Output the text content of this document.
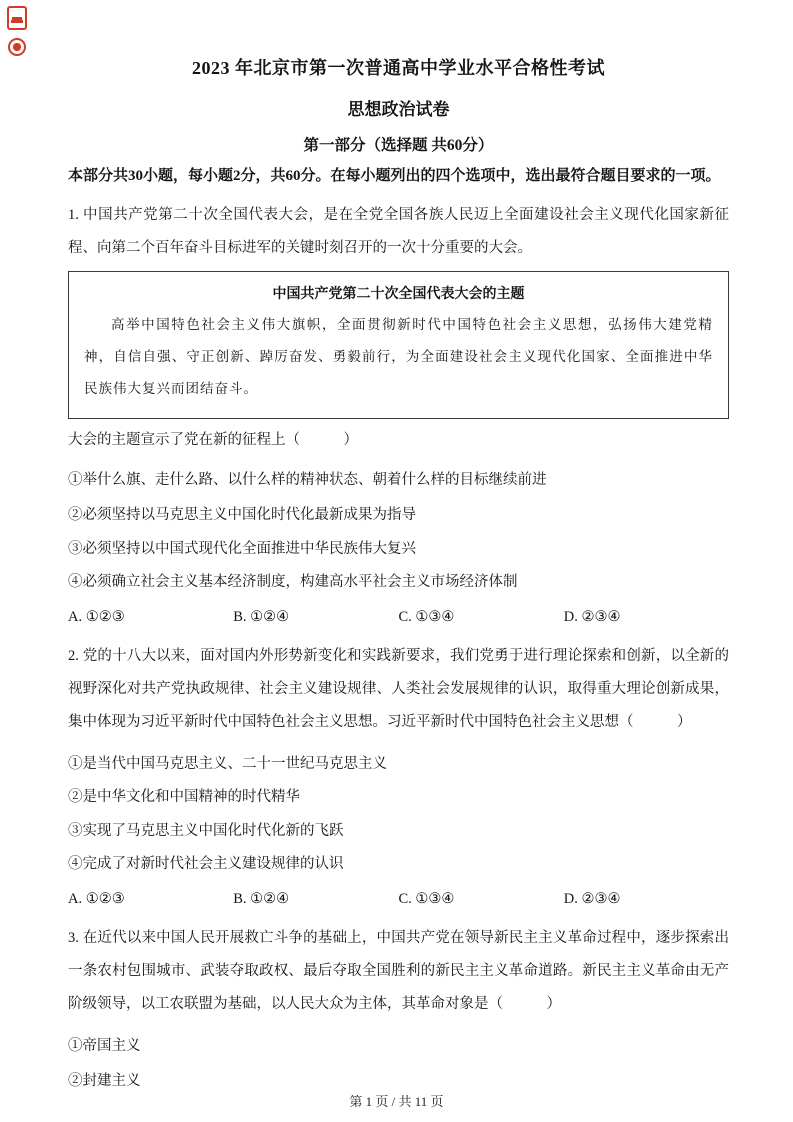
2023 年北京市第一次普通高中学业水平合格性考试
思想政治试卷
第一部分（选择题 共60分）

本部分共30小题，每小题2分，共60分。在每小题列出的四个选项中，选出最符合题目要求的一项。

1. 中国共产党第二十次全国代表大会，是在全党全国各族人民迈上全面建设社会主义现代化国家新征程、向第二个百年奋斗目标进军的关键时刻召开的一次十分重要的大会。

中国共产党第二十次全国代表大会的主题

高举中国特色社会主义伟大旗帜，全面贯彻新时代中国特色社会主义思想，弘扬伟大建党精神，自信自强、守正创新、踔厉奋发、勇毅前行，为全面建设社会主义现代化国家、全面推进中华民族伟大复兴而团结奋斗。

大会的主题宣示了党在新的征程上（　　　）

①举什么旗、走什么路、以什么样的精神状态、朝着什么样的目标继续前进

②必须坚持以马克思主义中国化时代化最新成果为指导

③必须坚持以中国式现代化全面推进中华民族伟大复兴

④必须确立社会主义基本经济制度，构建高水平社会主义市场经济体制

A. ①②③	B. ①②④	C. ①③④	D. ②③④

2. 党的十八大以来，面对国内外形势新变化和实践新要求，我们党勇于进行理论探索和创新，以全新的视野深化对共产党执政规律、社会主义建设规律、人类社会发展规律的认识，取得重大理论创新成果，集中体现为习近平新时代中国特色社会主义思想。习近平新时代中国特色社会主义思想（　　　）

①是当代中国马克思主义、二十一世纪马克思主义

②是中华文化和中国精神的时代精华

③实现了马克思主义中国化时代化新的飞跃

④完成了对新时代社会主义建设规律的认识

A. ①②③	B. ①②④	C. ①③④	D. ②③④

3. 在近代以来中国人民开展救亡斗争的基础上，中国共产党在领导新民主主义革命过程中，逐步探索出一条农村包围城市、武装夺取政权、最后夺取全国胜利的新民主主义革命道路。新民主主义革命由无产阶级领导，以工农联盟为基础，以人民大众为主体，其革命对象是（　　　）

①帝国主义

②封建主义

第 1 页 / 共 11 页
